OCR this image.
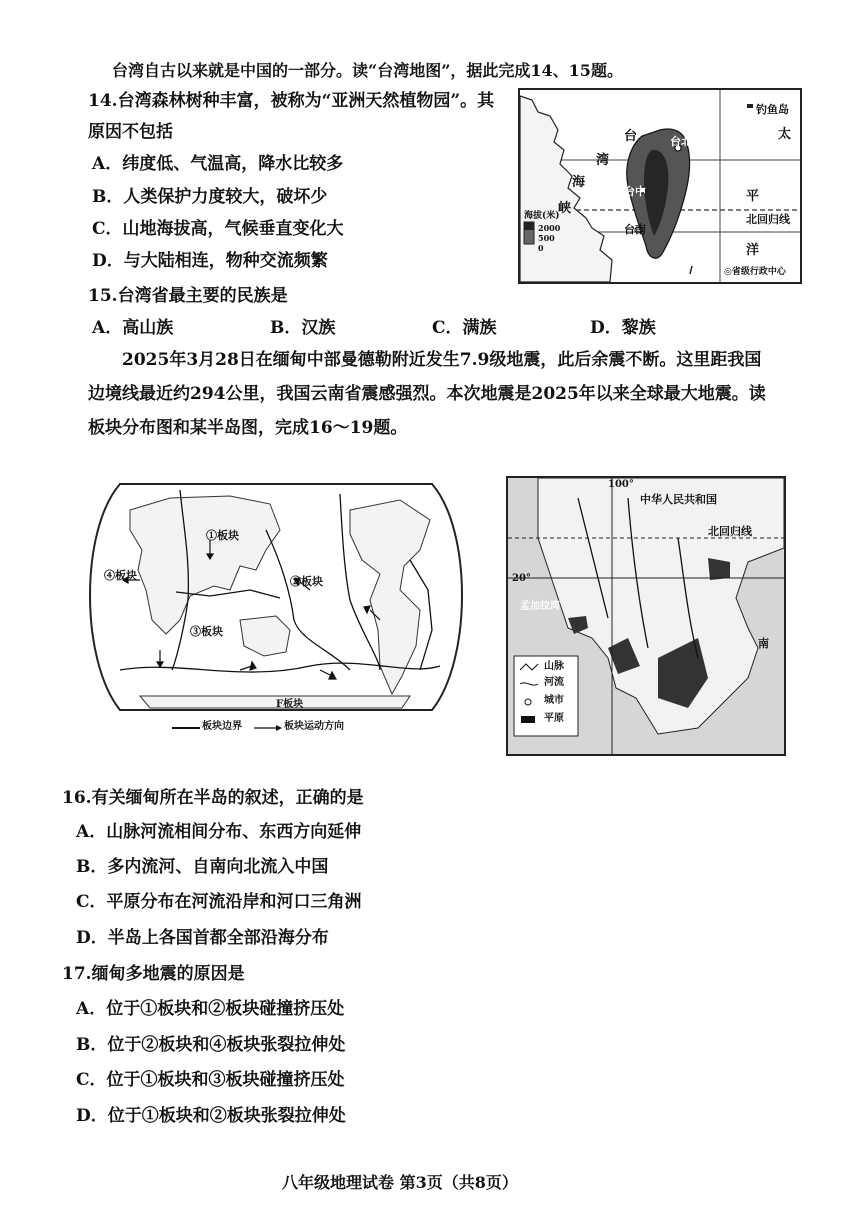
台湾自古以来就是中国的一部分。读“台湾地图”，据此完成14、15题。
14.台湾森林树种丰富，被称为“亚洲天然植物园”。其
原因不包括
A．纬度低、气温高，降水比较多
B．人类保护力度较大，破坏少
C．山地海拔高，气候垂直变化大
D．与大陆相连，物种交流频繁
钓鱼岛
太
平
洋
台
湾
海
峡
台北
台中
台南
北回归线
海拔(米)
2000
500
0
◎省级行政中心
15.台湾省最主要的民族是
A．高山族	B．汉族	C．满族	D．黎族
2025年3月28日在缅甸中部曼德勒附近发生7.9级地震，此后余震不断。这里距我国
边境线最近约294公里，我国云南省震感强烈。本次地震是2025年以来全球最大地震。读
板块分布图和某半岛图，完成16～19题。
①板块
②板块
③板块
④板块
F板块
板块边界	板块运动方向
100°
中华人民共和国
北回归线
20°
孟加拉湾
南
山脉
河流
城市
平原
16.有关缅甸所在半岛的叙述，正确的是
A．山脉河流相间分布、东西方向延伸
B．多内流河、自南向北流入中国
C．平原分布在河流沿岸和河口三角洲
D．半岛上各国首都全部沿海分布
17.缅甸多地震的原因是
A．位于①板块和②板块碰撞挤压处
B．位于②板块和④板块张裂拉伸处
C．位于①板块和③板块碰撞挤压处
D．位于①板块和②板块张裂拉伸处
八年级地理试卷 第3页（共8页）
